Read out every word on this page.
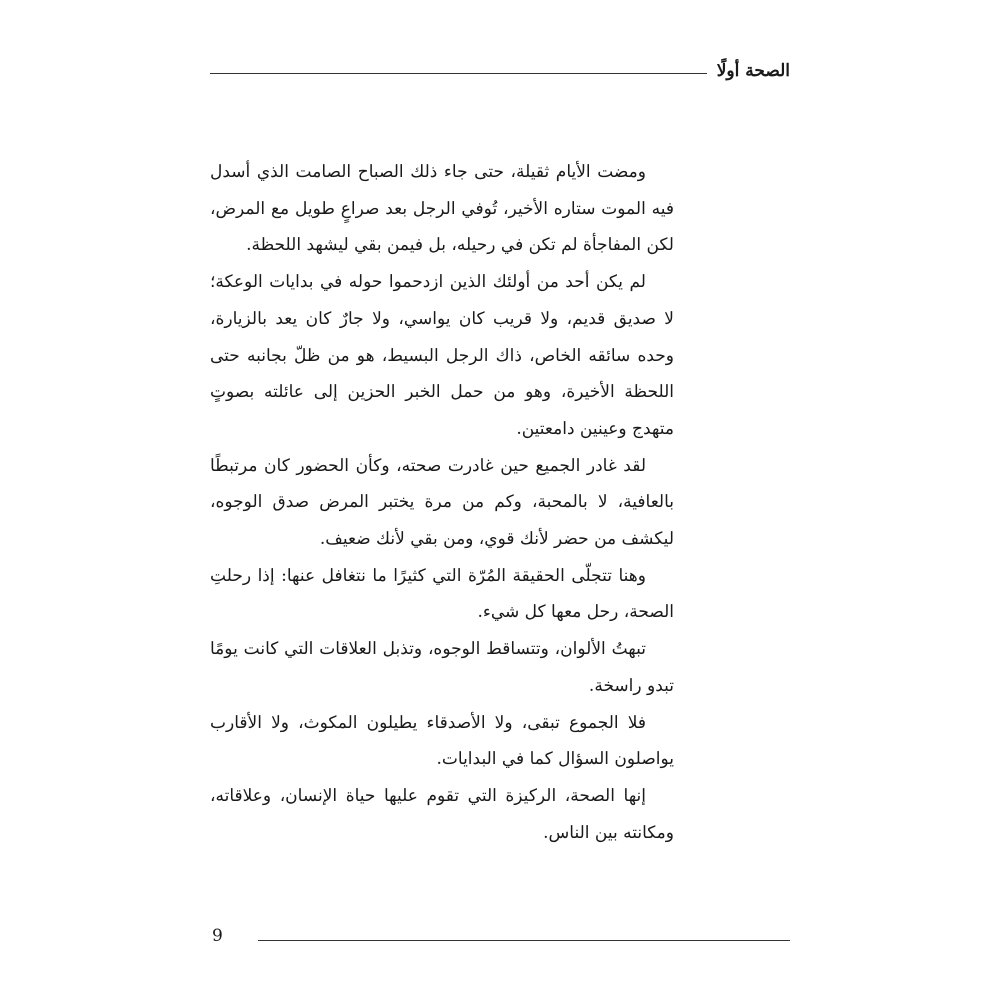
الصحة أولًا

ومضت الأيام ثقيلة، حتى جاء ذلك الصباح الصامت الذي أسدل فيه الموت ستاره الأخير، تُوفي الرجل بعد صراعٍ طويل مع المرض، لكن المفاجأة لم تكن في رحيله، بل فيمن بقي ليشهد اللحظة.

لم يكن أحد من أولئك الذين ازدحموا حوله في بدايات الوعكة؛ لا صديق قديم، ولا قريب كان يواسي، ولا جارٌ كان يعد بالزيارة، وحده سائقه الخاص، ذاك الرجل البسيط، هو من ظلّ بجانبه حتى اللحظة الأخيرة، وهو من حمل الخبر الحزين إلى عائلته بصوتٍ متهدج وعينين دامعتين.

لقد غادر الجميع حين غادرت صحته، وكأن الحضور كان مرتبطًا بالعافية، لا بالمحبة، وكم من مرة يختبر المرض صدق الوجوه، ليكشف من حضر لأنك قوي، ومن بقي لأنك ضعيف.

وهنا تتجلّى الحقيقة المُرّة التي كثيرًا ما نتغافل عنها: إذا رحلتِ الصحة، رحل معها كل شيء.

تبهتُ الألوان، وتتساقط الوجوه، وتذبل العلاقات التي كانت يومًا تبدو راسخة.

فلا الجموع تبقى، ولا الأصدقاء يطيلون المكوث، ولا الأقارب يواصلون السؤال كما في البدايات.

إنها الصحة، الركيزة التي تقوم عليها حياة الإنسان، وعلاقاته، ومكانته بين الناس.

9
